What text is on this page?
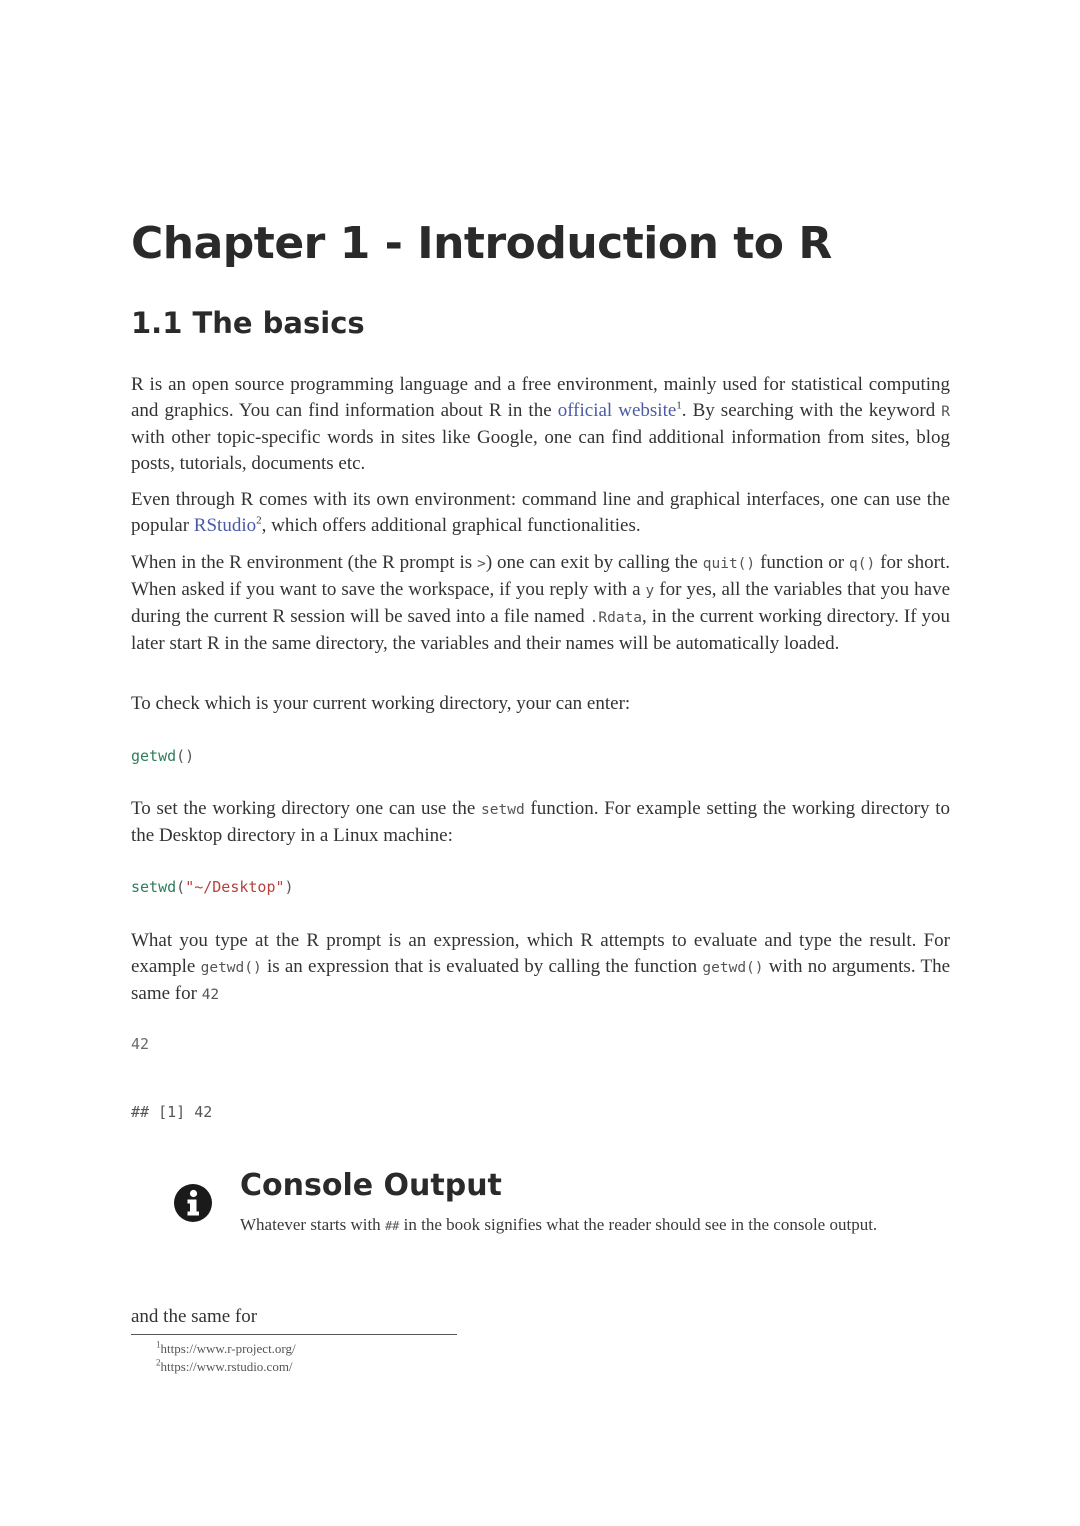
Chapter 1 - Introduction to R
1.1 The basics

R is an open source programming language and a free environment, mainly used for statistical computing and graphics. You can find information about R in the official website$^1$. By searching with the keyword R with other topic-specific words in sites like Google, one can find additional information from sites, blog posts, tutorials, documents etc.

Even through R comes with its own environment: command line and graphical interfaces, one can use the popular RStudio$^2$, which offers additional graphical functionalities.

When in the R environment (the R prompt is >) one can exit by calling the quit() function or q() for short. When asked if you want to save the workspace, if you reply with a y for yes, all the variables that you have during the current R session will be saved into a file named .Rdata, in the current working directory. If you later start R in the same directory, the variables and their names will be automatically loaded.

To check which is your current working directory, your can enter:

getwd()

To set the working directory one can use the setwd function. For example setting the working directory to the Desktop directory in a Linux machine:

setwd("~/Desktop")

What you type at the R prompt is an expression, which R attempts to evaluate and type the result. For example getwd() is an expression that is evaluated by calling the function getwd() with no arguments. The same for 42

42
## [1] 42
Console Output

Whatever starts with ## in the book signifies what the reader should see in the console output.

and the same for

$^1$https://www.r-project.org/

$^2$https://www.rstudio.com/
